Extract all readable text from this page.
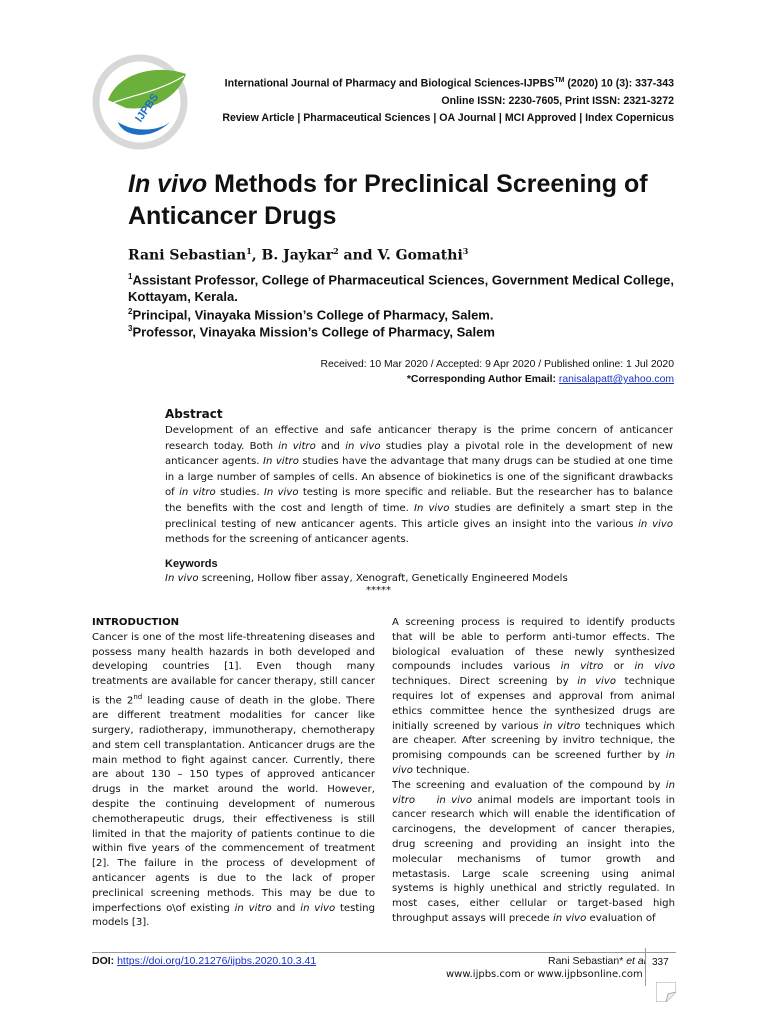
IJPBS
International Journal of Pharmacy and Biological Sciences-IJPBS™ (2020) 10 (3): 337-343
Online ISSN: 2230-7605, Print ISSN: 2321-3272
Review Article | Pharmaceutical Sciences | OA Journal | MCI Approved | Index Copernicus
In vivo Methods for Preclinical Screening of
Anticancer Drugs
Rani Sebastian$^1$, B. Jaykar$^2$ and V. Gomathi$^3$
$^1$Assistant Professor, College of Pharmaceutical Sciences, Government Medical College, Kottayam, Kerala.
$^2$Principal, Vinayaka Mission’s College of Pharmacy, Salem.
$^3$Professor, Vinayaka Mission’s College of Pharmacy, Salem
Received: 10 Mar 2020 / Accepted: 9 Apr 2020 / Published online: 1 Jul 2020
*Corresponding Author Email: ranisalapatt@yahoo.com
Abstract
Development of an effective and safe anticancer therapy is the prime concern of anticancer research today. Both in vitro and in vivo studies play a pivotal role in the development of new anticancer agents. In vitro studies have the advantage that many drugs can be studied at one time in a large number of samples of cells. An absence of biokinetics is one of the significant drawbacks of in vitro studies. In vivo testing is more specific and reliable. But the researcher has to balance the benefits with the cost and length of time. In vivo studies are definitely a smart step in the preclinical testing of new anticancer agents. This article gives an insight into the various in vivo methods for the screening of anticancer agents.
Keywords
In vivo screening, Hollow fiber assay, Xenograft, Genetically Engineered Models
*****

INTRODUCTION

Cancer is one of the most life-threatening diseases and possess many health hazards in both developed and developing countries [1]. Even though many treatments are available for cancer therapy, still cancer is the 2nd leading cause of death in the globe. There are different treatment modalities for cancer like surgery, radiotherapy, immunotherapy, chemotherapy and stem cell transplantation. Anticancer drugs are the main method to fight against cancer. Currently, there are about 130 – 150 types of approved anticancer drugs in the market around the world. However, despite the continuing development of numerous chemotherapeutic drugs, their effectiveness is still limited in that the majority of patients continue to die within five years of the commencement of treatment [2]. The failure in the process of development of anticancer agents is due to the lack of proper preclinical screening methods. This may be due to imperfections o\of existing in vitro and in vivo testing models [3].

A screening process is required to identify products that will be able to perform anti-tumor effects. The biological evaluation of these newly synthesized compounds includes various in vitro or in vivo techniques. Direct screening by in vivo technique requires lot of expenses and approval from animal ethics committee hence the synthesized drugs are initially screened by various in vitro techniques which are cheaper. After screening by invitro technique, the promising compounds can be screened further by in vivo technique.

The screening and evaluation of the compound by in vitro in vivo animal models are important tools in cancer research which will enable the identification of carcinogens, the development of cancer therapies, drug screening and providing an insight into the molecular mechanisms of tumor growth and metastasis. Large scale screening using animal systems is highly unethical and strictly regulated. In most cases, either cellular or target-based high throughput assays will precede in vivo evaluation of

DOI: https://doi.org/10.21276/ijpbs.2020.10.3.41	Rani Sebastian* et al
www.ijpbs.com or www.ijpbsonline.com
337
